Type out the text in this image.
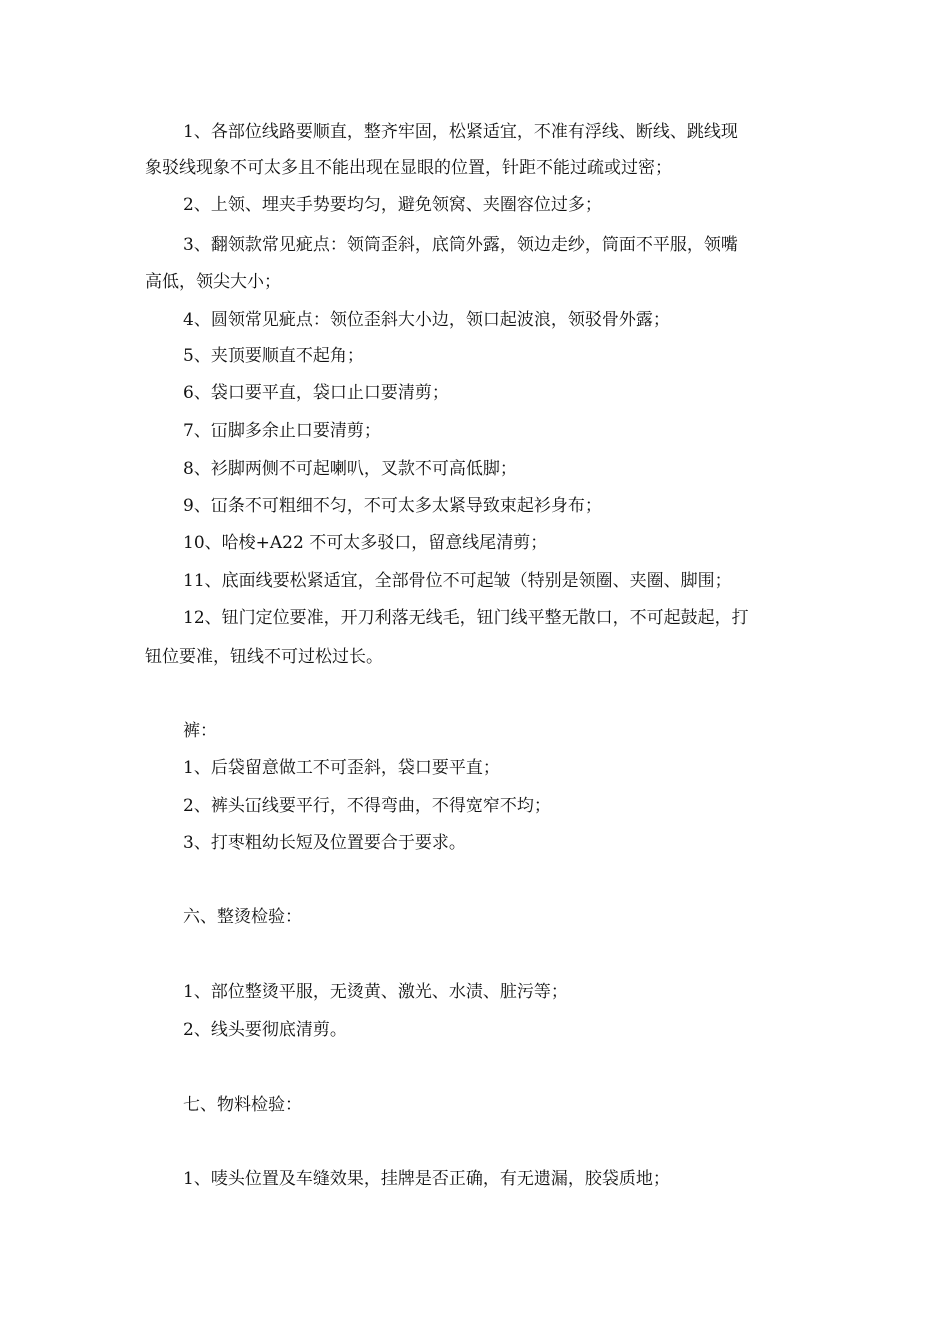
1、各部位线路要顺直，整齐牢固，松紧适宜，不准有浮线、断线、跳线现
象驳线现象不可太多且不能出现在显眼的位置，针距不能过疏或过密；
2、上领、埋夹手势要均匀，避免领窝、夹圈容位过多；
3、翻领款常见疵点：领筒歪斜，底筒外露，领边走纱，筒面不平服，领嘴
高低，领尖大小；
4、圆领常见疵点：领位歪斜大小边，领口起波浪，领驳骨外露；
5、夹顶要顺直不起角；
6、袋口要平直，袋口止口要清剪；
7、冚脚多余止口要清剪；
8、衫脚两侧不可起喇叭，叉款不可高低脚；
9、冚条不可粗细不匀，不可太多太紧导致束起衫身布；
10、哈梭+A22 不可太多驳口，留意线尾清剪；
11、底面线要松紧适宜，全部骨位不可起皱（特别是领圈、夹圈、脚围；
12、钮门定位要准，开刀利落无线毛，钮门线平整无散口，不可起鼓起，打
钮位要准，钮线不可过松过长。
裤：
1、后袋留意做工不可歪斜，袋口要平直；
2、裤头冚线要平行，不得弯曲，不得宽窄不均；
3、打枣粗幼长短及位置要合于要求。
六、整烫检验：
1、部位整烫平服，无烫黄、激光、水渍、脏污等；
2、线头要彻底清剪。
七、物料检验：
1、唛头位置及车缝效果，挂牌是否正确，有无遗漏，胶袋质地；
